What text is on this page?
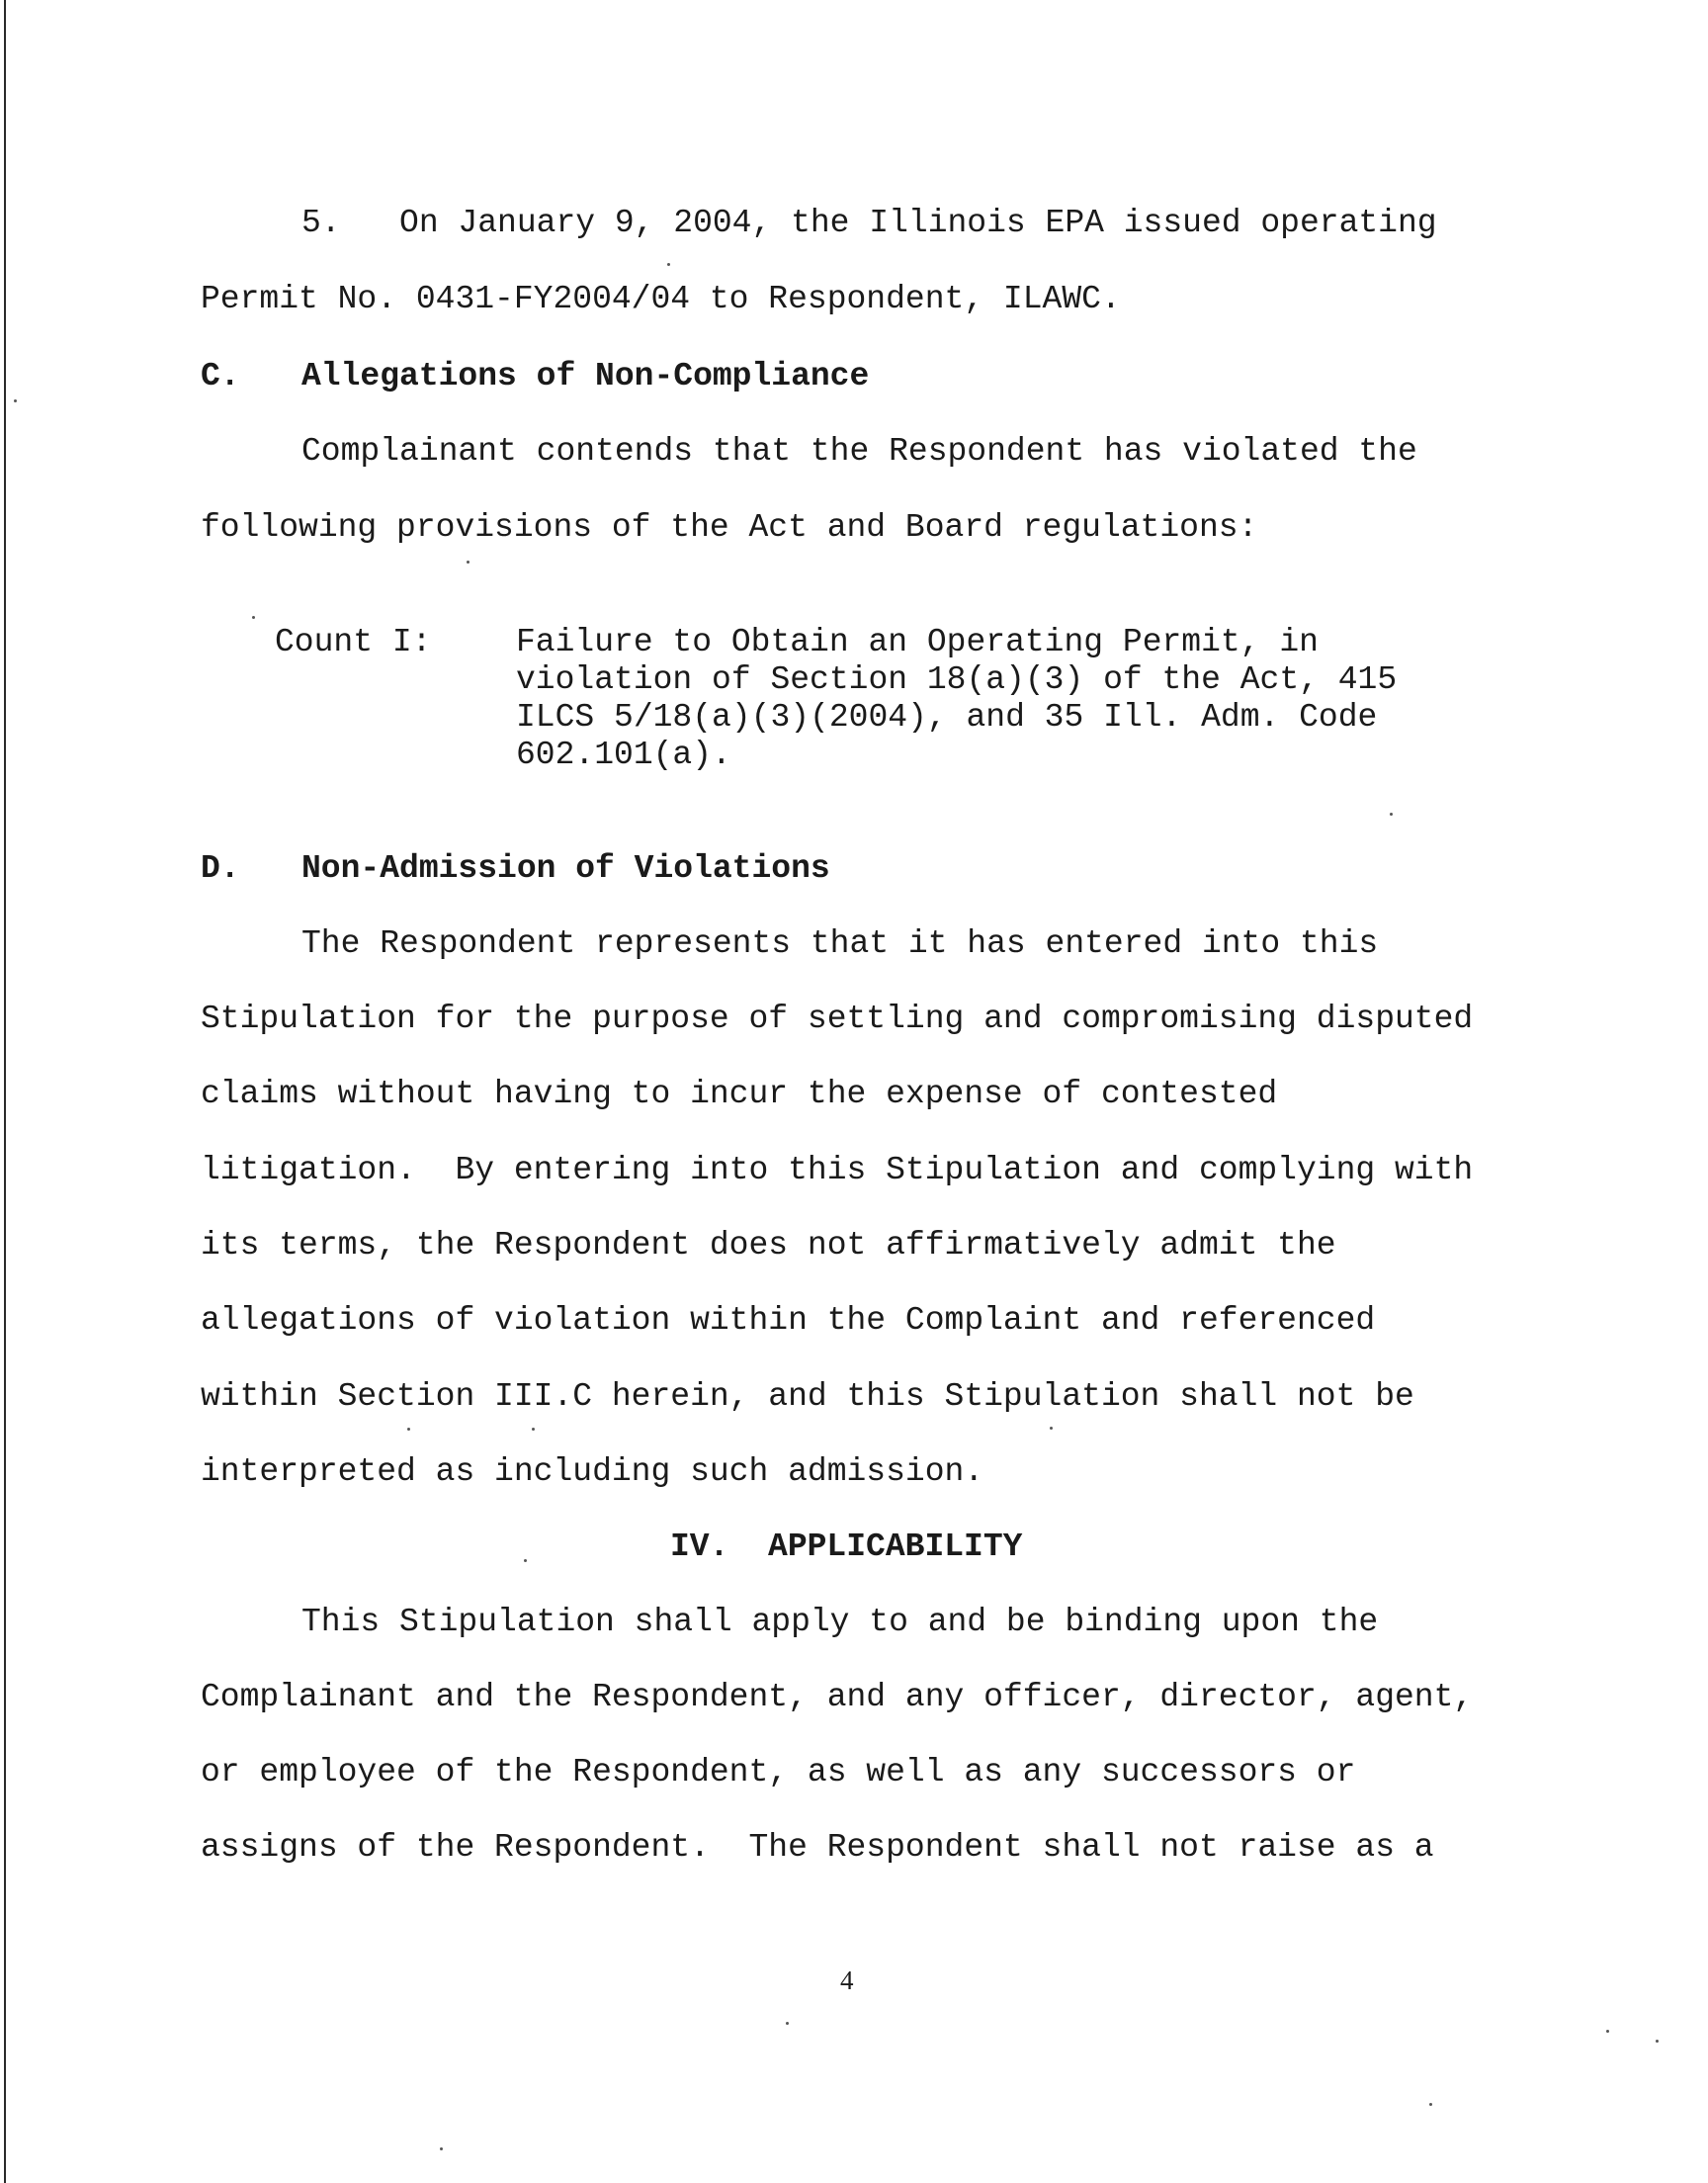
5.   On January 9, 2004, the Illinois EPA issued operating
Permit No. 0431-FY2004/04 to Respondent, ILAWC.
C. Allegations of Non-Compliance
Complainant contends that the Respondent has violated the
following provisions of the Act and Board regulations:
Count I:	Failure to Obtain an Operating Permit, in
violation of Section 18(a)(3) of the Act, 415
ILCS 5/18(a)(3)(2004), and 35 Ill. Adm. Code
602.101(a).
D. Non-Admission of Violations
The Respondent represents that it has entered into this
Stipulation for the purpose of settling and compromising disputed
claims without having to incur the expense of contested
litigation.  By entering into this Stipulation and complying with
its terms, the Respondent does not affirmatively admit the
allegations of violation within the Complaint and referenced
within Section III.C herein, and this Stipulation shall not be
interpreted as including such admission.
IV.  APPLICABILITY
This Stipulation shall apply to and be binding upon the
Complainant and the Respondent, and any officer, director, agent,
or employee of the Respondent, as well as any successors or
assigns of the Respondent.  The Respondent shall not raise as a
4
